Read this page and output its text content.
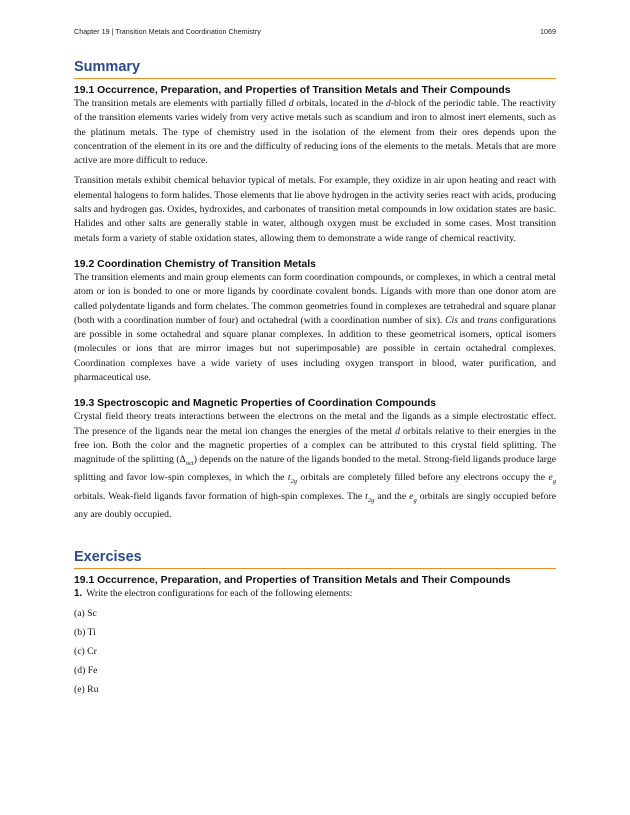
Chapter 19 | Transition Metals and Coordination Chemistry	1069
Summary
19.1 Occurrence, Preparation, and Properties of Transition Metals and Their Compounds

The transition metals are elements with partially filled d orbitals, located in the d-block of the periodic table. The reactivity of the transition elements varies widely from very active metals such as scandium and iron to almost inert elements, such as the platinum metals. The type of chemistry used in the isolation of the element from their ores depends upon the concentration of the element in its ore and the difficulty of reducing ions of the elements to the metals. Metals that are more active are more difficult to reduce.

Transition metals exhibit chemical behavior typical of metals. For example, they oxidize in air upon heating and react with elemental halogens to form halides. Those elements that lie above hydrogen in the activity series react with acids, producing salts and hydrogen gas. Oxides, hydroxides, and carbonates of transition metal compounds in low oxidation states are basic. Halides and other salts are generally stable in water, although oxygen must be excluded in some cases. Most transition metals form a variety of stable oxidation states, allowing them to demonstrate a wide range of chemical reactivity.

19.2 Coordination Chemistry of Transition Metals

The transition elements and main group elements can form coordination compounds, or complexes, in which a central metal atom or ion is bonded to one or more ligands by coordinate covalent bonds. Ligands with more than one donor atom are called polydentate ligands and form chelates. The common geometries found in complexes are tetrahedral and square planar (both with a coordination number of four) and octahedral (with a coordination number of six). Cis and trans configurations are possible in some octahedral and square planar complexes. In addition to these geometrical isomers, optical isomers (molecules or ions that are mirror images but not superimposable) are possible in certain octahedral complexes. Coordination complexes have a wide variety of uses including oxygen transport in blood, water purification, and pharmaceutical use.

19.3 Spectroscopic and Magnetic Properties of Coordination Compounds

Crystal field theory treats interactions between the electrons on the metal and the ligands as a simple electrostatic effect. The presence of the ligands near the metal ion changes the energies of the metal d orbitals relative to their energies in the free ion. Both the color and the magnetic properties of a complex can be attributed to this crystal field splitting. The magnitude of the splitting $(\Delta_{oct})$ depends on the nature of the ligands bonded to the metal. Strong-field ligands produce large splitting and favor low-spin complexes, in which the $t_{2g}$ orbitals are completely filled before any electrons occupy the $e_g$ orbitals. Weak-field ligands favor formation of high-spin complexes. The $t_{2g}$ and the $e_g$ orbitals are singly occupied before any are doubly occupied.

Exercises
19.1 Occurrence, Preparation, and Properties of Transition Metals and Their Compounds
1. Write the electron configurations for each of the following elements:
(a) Sc
(b) Ti
(c) Cr
(d) Fe
(e) Ru
